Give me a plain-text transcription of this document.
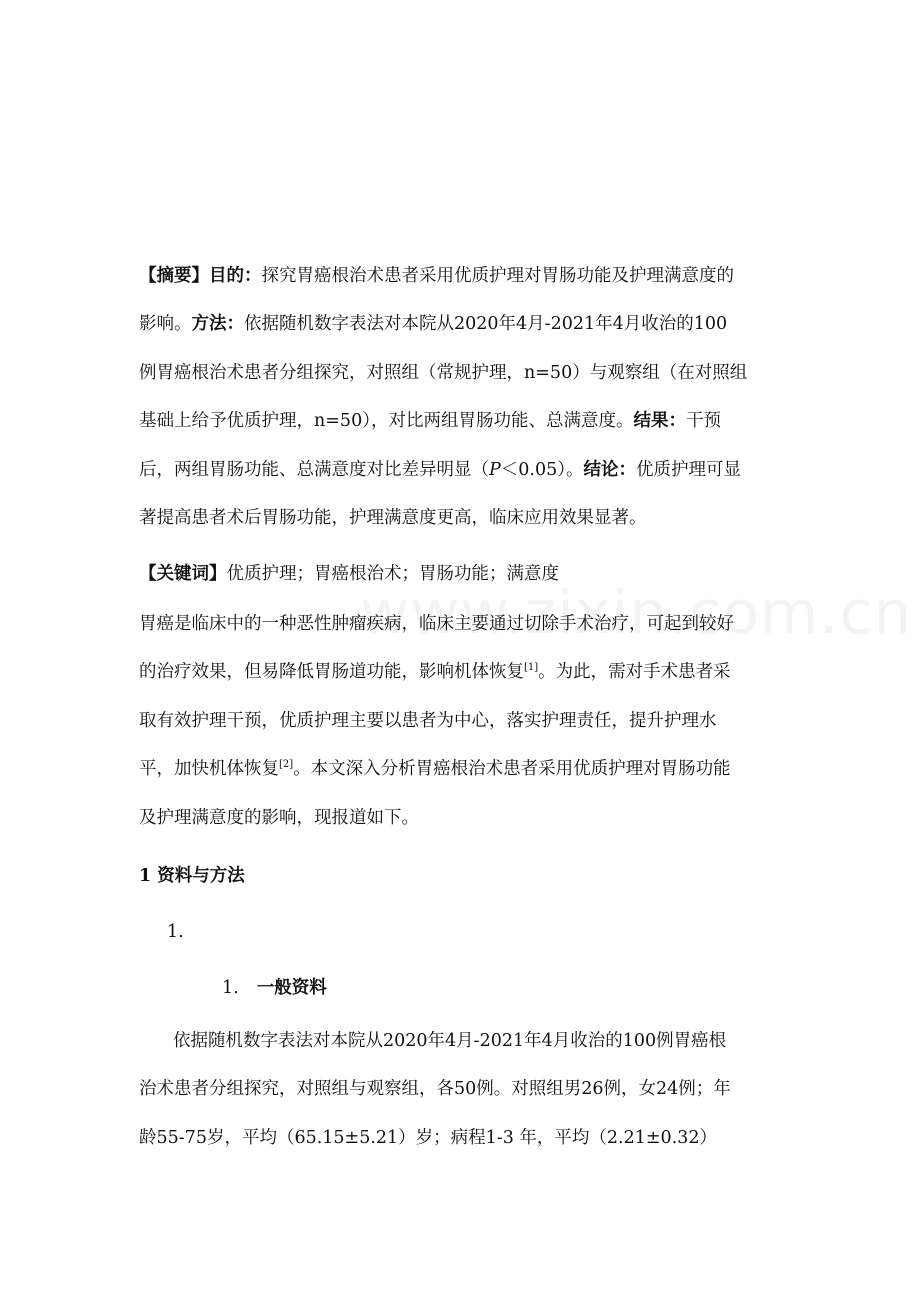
【摘要】目的：探究胃癌根治术患者采用优质护理对胃肠功能及护理满意度的
影响。方法：依据随机数字表法对本院从2020年4月-2021年4月收治的100
例胃癌根治术患者分组探究，对照组（常规护理，n=50）与观察组（在对照组
基础上给予优质护理，n=50），对比两组胃肠功能、总满意度。结果：干预
后，两组胃肠功能、总满意度对比差异明显（P＜0.05）。结论：优质护理可显
著提高患者术后胃肠功能，护理满意度更高，临床应用效果显著。
【关键词】优质护理；胃癌根治术；胃肠功能；满意度
胃癌是临床中的一种恶性肿瘤疾病，临床主要通过切除手术治疗，可起到较好
的治疗效果，但易降低胃肠道功能，影响机体恢复[1]。为此，需对手术患者采
取有效护理干预，优质护理主要以患者为中心，落实护理责任，提升护理水
平，加快机体恢复[2]。本文深入分析胃癌根治术患者采用优质护理对胃肠功能
及护理满意度的影响，现报道如下。
1 资料与方法
1.
1. 一般资料
依据随机数字表法对本院从2020年4月-2021年4月收治的100例胃癌根
治术患者分组探究，对照组与观察组，各50例。对照组男26例，女24例；年
龄55-75岁，平均（65.15±5.21）岁；病程1-3 年，平均（2.21±0.32）
